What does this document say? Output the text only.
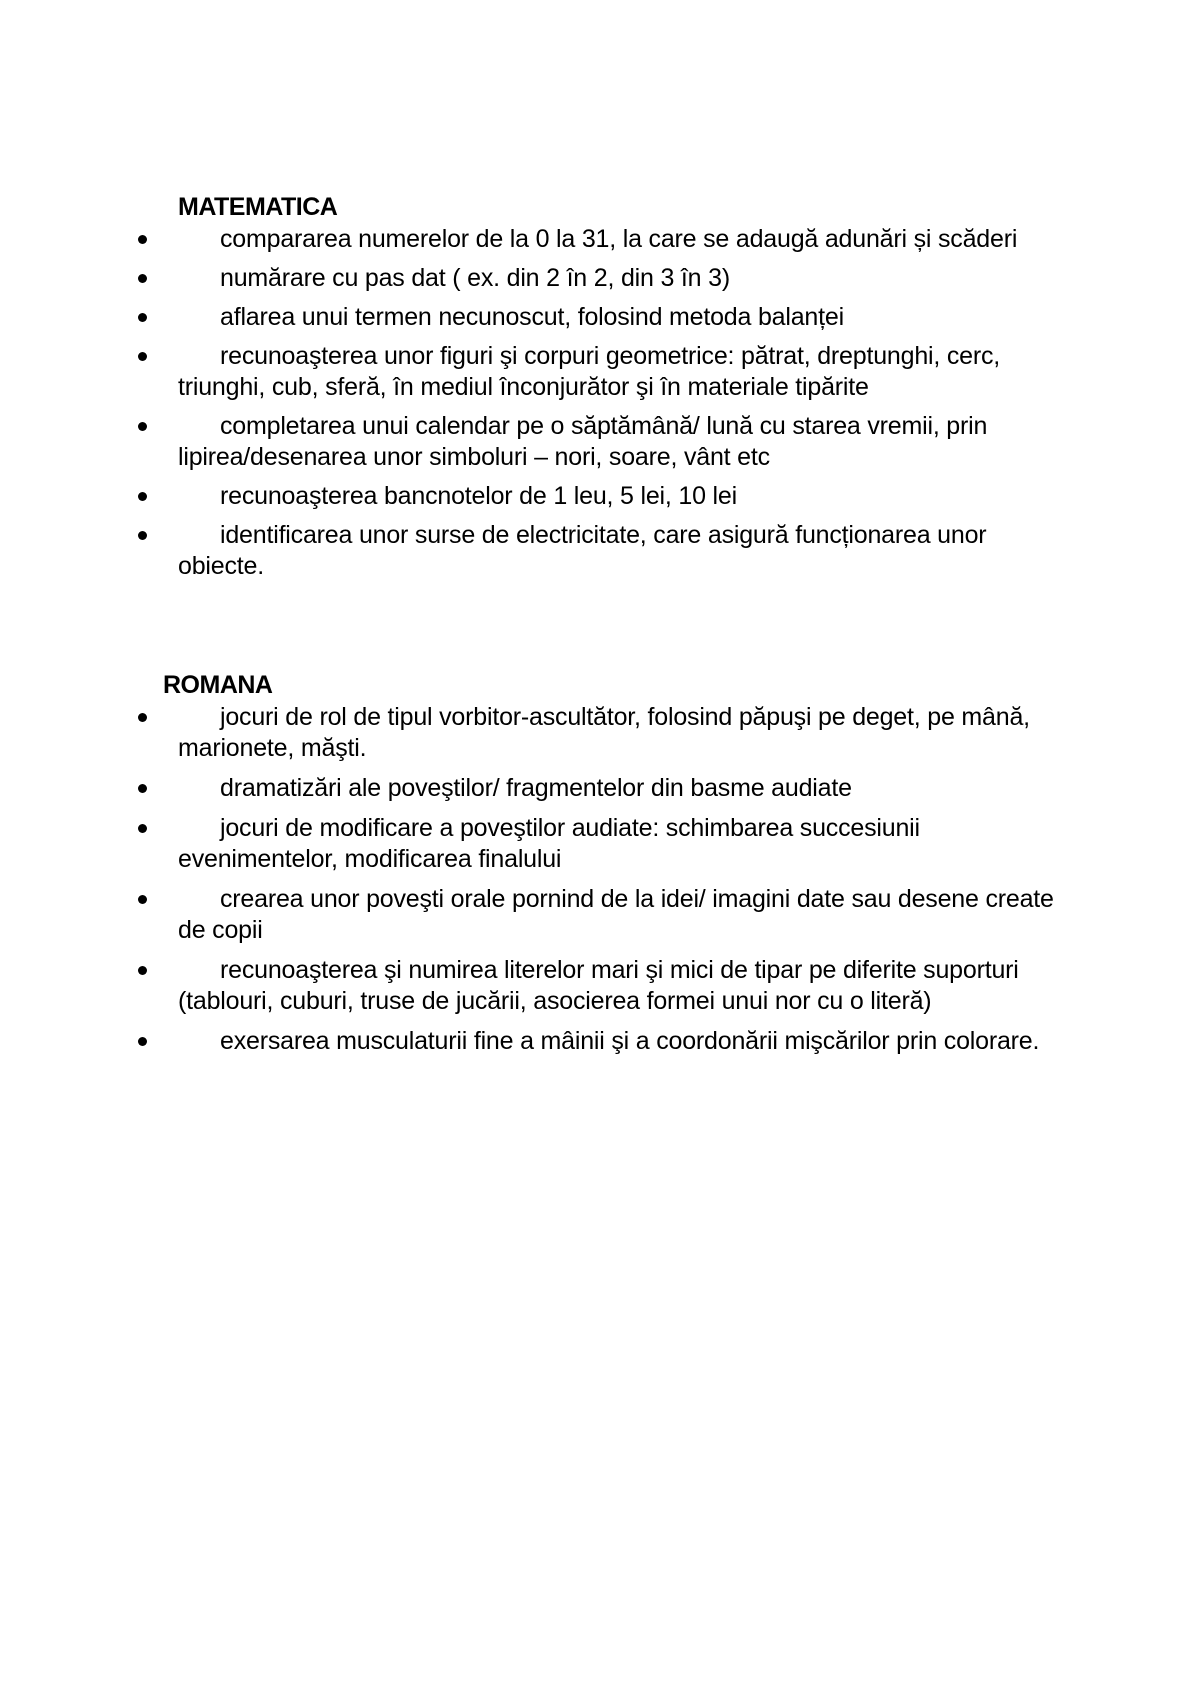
MATEMATICA
compararea numerelor de la 0 la 31, la care se adaugă adunări și scăderi
numărare cu pas dat ( ex. din 2 în 2, din 3 în 3)
aflarea unui termen necunoscut, folosind metoda balanței
recunoaşterea unor figuri şi corpuri geometrice: pătrat, dreptunghi, cerc, triunghi, cub, sferă, în mediul înconjurător şi în materiale tipărite
completarea unui calendar pe o săptămână/ lună cu starea vremii, prin lipirea/desenarea unor simboluri – nori, soare, vânt etc
recunoaşterea bancnotelor de 1 leu, 5 lei, 10 lei
identificarea unor surse de electricitate, care asigură funcționarea unor obiecte.
ROMANA
jocuri de rol de tipul vorbitor-ascultător, folosind păpuşi pe deget, pe mână, marionete, măşti.
dramatizări ale poveştilor/ fragmentelor din basme audiate
jocuri de modificare a poveştilor audiate: schimbarea succesiunii evenimentelor, modificarea finalului
crearea unor poveşti orale pornind de la idei/ imagini date sau desene create de copii
recunoaşterea şi numirea literelor mari şi mici de tipar pe diferite suporturi (tablouri, cuburi, truse de jucării, asocierea formei unui nor cu o literă)
exersarea musculaturii fine a mâinii şi a coordonării mişcărilor prin colorare.
